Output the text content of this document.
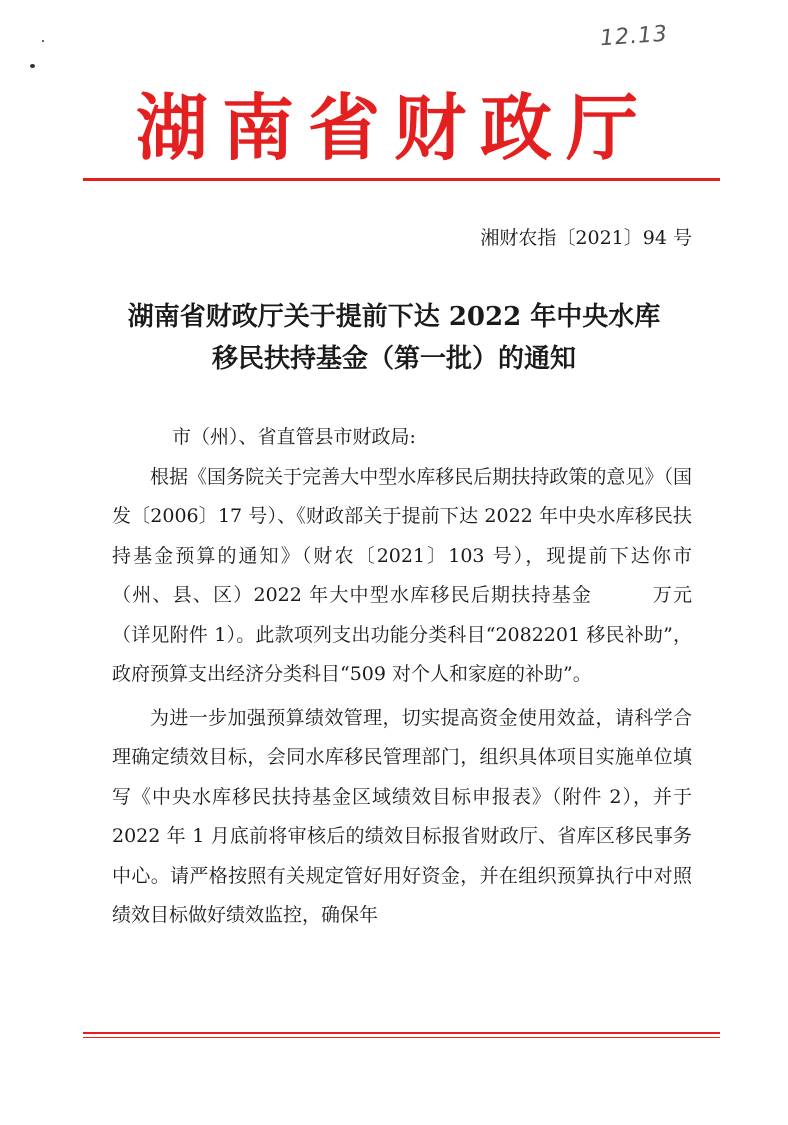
12.13
湖南省财政厅
湘财农指〔2021〕94 号
湖南省财政厅关于提前下达 2022 年中央水库
移民扶持基金（第一批）的通知

市（州）、省直管县市财政局:

根据《国务院关于完善大中型水库移民后期扶持政策的意见》（国发〔2006〕17 号）、《财政部关于提前下达 2022 年中央水库移民扶持基金预算的通知》（财农〔2021〕103 号），现提前下达你市（州、县、区）2022 年大中型水库移民后期扶持基金　　　万元（详见附件 1）。此款项列支出功能分类科目“2082201 移民补助”，政府预算支出经济分类科目“509 对个人和家庭的补助”。

为进一步加强预算绩效管理，切实提高资金使用效益，请科学合理确定绩效目标，会同水库移民管理部门，组织具体项目实施单位填写《中央水库移民扶持基金区域绩效目标申报表》（附件 2），并于 2022 年 1 月底前将审核后的绩效目标报省财政厅、省库区移民事务中心。请严格按照有关规定管好用好资金，并在组织预算执行中对照绩效目标做好绩效监控，确保年
